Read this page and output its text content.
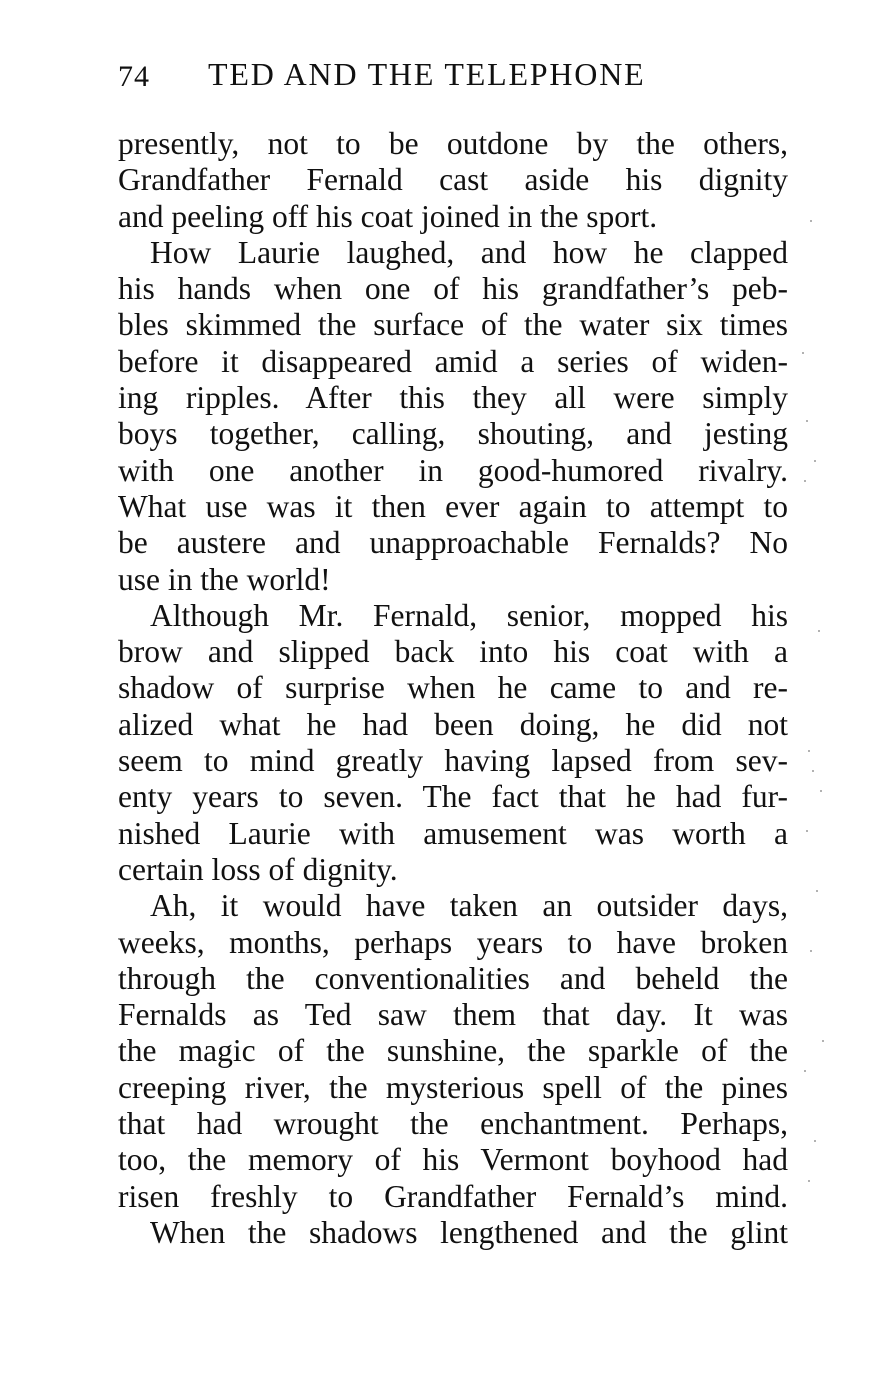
74 TED AND THE TELEPHONE
presently, not to be outdone by the others,
Grandfather Fernald cast aside his dignity
and peeling off his coat joined in the sport.
How Laurie laughed, and how he clapped
his hands when one of his grandfather’s peb-
bles skimmed the surface of the water six times
before it disappeared amid a series of widen-
ing ripples. After this they all were simply
boys together, calling, shouting, and jesting
with one another in good-humored rivalry.
What use was it then ever again to attempt to
be austere and unapproachable Fernalds? No
use in the world!
Although Mr. Fernald, senior, mopped his
brow and slipped back into his coat with a
shadow of surprise when he came to and re-
alized what he had been doing, he did not
seem to mind greatly having lapsed from sev-
enty years to seven. The fact that he had fur-
nished Laurie with amusement was worth a
certain loss of dignity.
Ah, it would have taken an outsider days,
weeks, months, perhaps years to have broken
through the conventionalities and beheld the
Fernalds as Ted saw them that day. It was
the magic of the sunshine, the sparkle of the
creeping river, the mysterious spell of the pines
that had wrought the enchantment. Perhaps,
too, the memory of his Vermont boyhood had
risen freshly to Grandfather Fernald’s mind.
When the shadows lengthened and the glint
